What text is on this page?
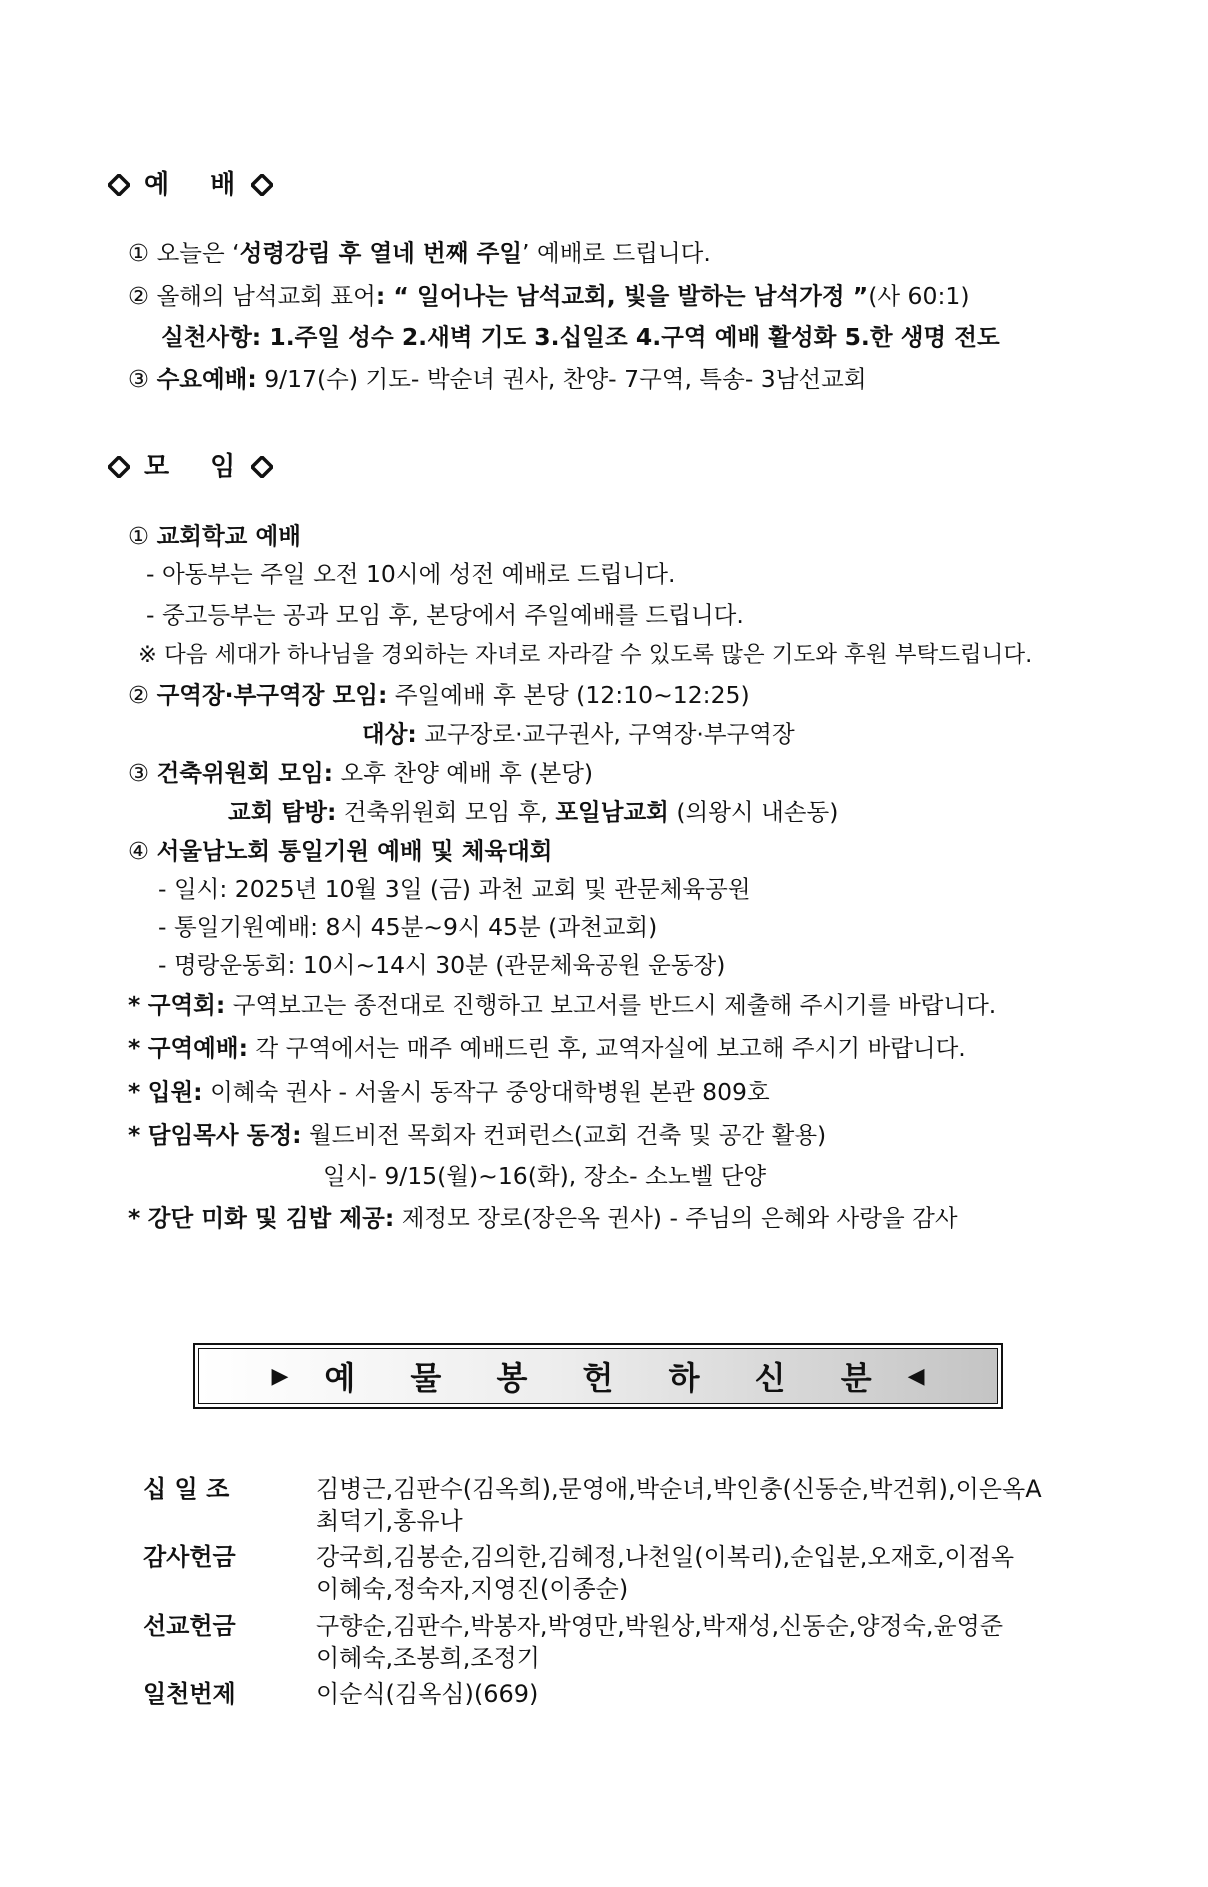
예 배
① 오늘은 ‘성령강림 후 열네 번째 주일’ 예배로 드립니다.
② 올해의 남석교회 표어: “ 일어나는 남석교회, 빛을 발하는 남석가정 ”(사 60:1)
실천사항: 1.주일 성수 2.새벽 기도 3.십일조 4.구역 예배 활성화 5.한 생명 전도
③ 수요예배: 9/17(수) 기도- 박순녀 권사, 찬양- 7구역, 특송- 3남선교회
모 임
① 교회학교 예배
- 아동부는 주일 오전 10시에 성전 예배로 드립니다.
- 중고등부는 공과 모임 후, 본당에서 주일예배를 드립니다.
※ 다음 세대가 하나님을 경외하는 자녀로 자라갈 수 있도록 많은 기도와 후원 부탁드립니다.
② 구역장·부구역장 모임: 주일예배 후 본당 (12:10~12:25)
대상: 교구장로·교구권사, 구역장·부구역장
③ 건축위원회 모임: 오후 찬양 예배 후 (본당)
교회 탐방: 건축위원회 모임 후, 포일남교회 (의왕시 내손동)
④ 서울남노회 통일기원 예배 및 체육대회
- 일시: 2025년 10월 3일 (금) 과천 교회 및 관문체육공원
- 통일기원예배: 8시 45분~9시 45분 (과천교회)
- 명랑운동회: 10시~14시 30분 (관문체육공원 운동장)
* 구역회: 구역보고는 종전대로 진행하고 보고서를 반드시 제출해 주시기를 바랍니다.
* 구역예배: 각 구역에서는 매주 예배드린 후, 교역자실에 보고해 주시기 바랍니다.
* 입원: 이혜숙 권사 - 서울시 동작구 중앙대학병원 본관 809호
* 담임목사 동정: 월드비전 목회자 컨퍼런스(교회 건축 및 공간 활용)
일시- 9/15(월)~16(화), 장소- 소노벨 단양
* 강단 미화 및 김밥 제공: 제정모 장로(장은옥 권사) - 주님의 은혜와 사랑을 감사
▶ 예 물 봉 헌 하 신 분 ◀
십 일 조	김병근,김판수(김옥희),문영애,박순녀,박인충(신동순,박건휘),이은옥A
최덕기,홍유나
감사헌금	강국희,김봉순,김의한,김혜정,나천일(이복리),순입분,오재호,이점옥
이혜숙,정숙자,지영진(이종순)
선교헌금	구향순,김판수,박봉자,박영만,박원상,박재성,신동순,양정숙,윤영준
이혜숙,조봉희,조정기
일천번제	이순식(김옥심)(669)
